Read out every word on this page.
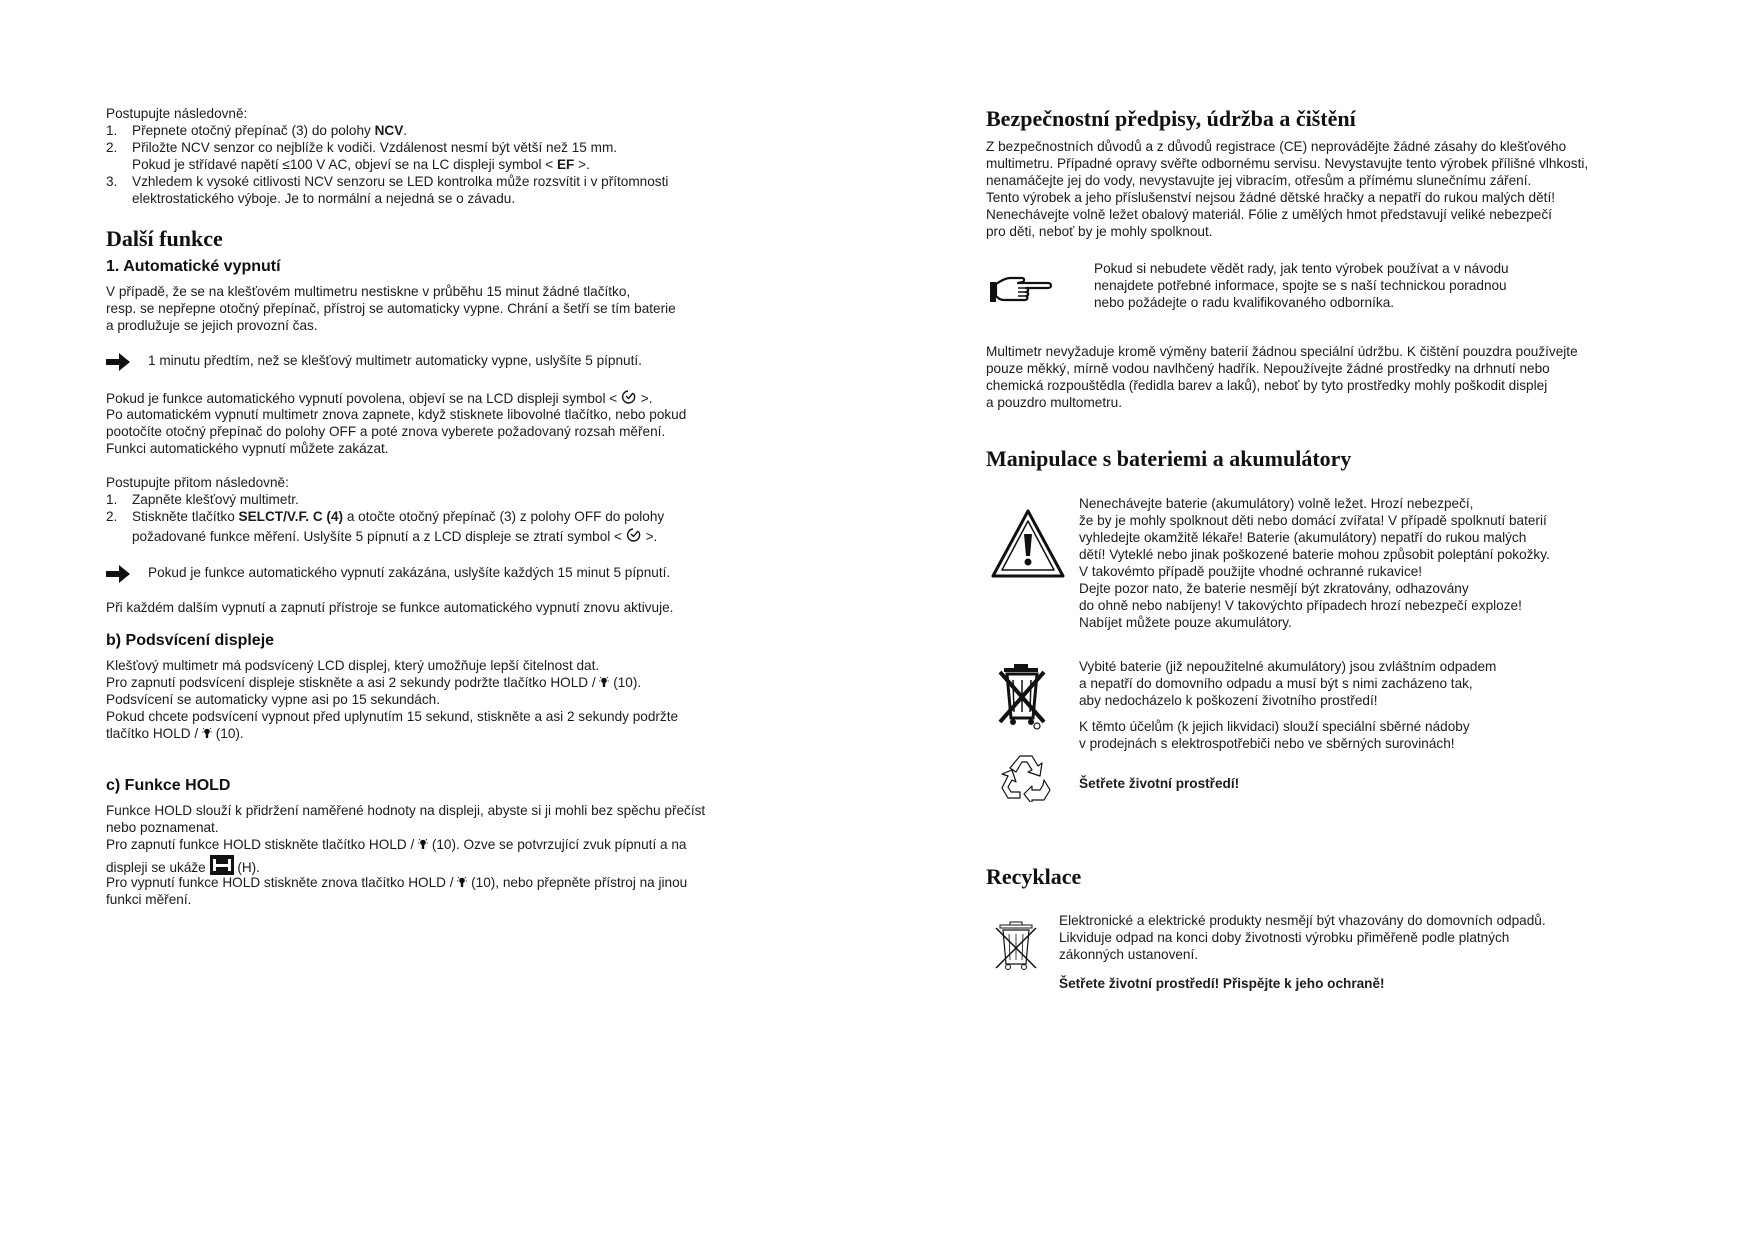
Postupujte následovně:
1. Přepnete otočný přepínač (3) do polohy NCV.
2. Přiložte NCV senzor co nejblíže k vodiči. Vzdálenost nesmí být větší než 15 mm.
Pokud je střídavé napětí ≤100 V AC, objeví se na LC displeji symbol < EF >.
3. Vzhledem k vysoké citlivosti NCV senzoru se LED kontrolka může rozsvítit i v přítomnosti
elektrostatického výboje. Je to normální a nejedná se o závadu.
Další funkce
1. Automatické vypnutí
V případě, že se na klešťovém multimetru nestiskne v průběhu 15 minut žádné tlačítko,
resp. se nepřepne otočný přepínač, přístroj se automaticky vypne. Chrání a šetří se tím baterie
a prodlužuje se jejich provozní čas.
1 minutu předtím, než se klešťový multimetr automaticky vypne, uslyšíte 5 pípnutí.
Pokud je funkce automatického vypnutí povolena, objeví se na LCD displeji symbol < >.
Po automatickém vypnutí multimetr znova zapnete, když stisknete libovolné tlačítko, nebo pokud
pootočíte otočný přepínač do polohy OFF a poté znova vyberete požadovaný rozsah měření.
Funkci automatického vypnutí můžete zakázat.
Postupujte přitom následovně:
1. Zapněte klešťový multimetr.
2. Stiskněte tlačítko SELCT/V.F. C (4) a otočte otočný přepínač (3) z polohy OFF do polohy
požadované funkce měření. Uslyšíte 5 pípnutí a z LCD displeje se ztratí symbol < >.
Pokud je funkce automatického vypnutí zakázána, uslyšíte každých 15 minut 5 pípnutí.
Při každém dalším vypnutí a zapnutí přístroje se funkce automatického vypnutí znovu aktivuje.
b) Podsvícení displeje
Klešťový multimetr má podsvícený LCD displej, který umožňuje lepší čitelnost dat.
Pro zapnutí podsvícení displeje stiskněte a asi 2 sekundy podržte tlačítko HOLD / (10).
Podsvícení se automaticky vypne asi po 15 sekundách.
Pokud chcete podsvícení vypnout před uplynutím 15 sekund, stiskněte a asi 2 sekundy podržte
tlačítko HOLD / (10).
c) Funkce HOLD
Funkce HOLD slouží k přidržení naměřené hodnoty na displeji, abyste si ji mohli bez spěchu přečíst
nebo poznamenat.
Pro zapnutí funkce HOLD stiskněte tlačítko HOLD / (10). Ozve se potvrzující zvuk pípnutí a na
displeji se ukáže (H).
Pro vypnutí funkce HOLD stiskněte znova tlačítko HOLD / (10), nebo přepněte přístroj na jinou
funkci měření.
Bezpečnostní předpisy, údržba a čištění
Z bezpečnostních důvodů a z důvodů registrace (CE) neprovádějte žádné zásahy do klešťového
multimetru. Případné opravy svěřte odbornému servisu. Nevystavujte tento výrobek přílišné vlhkosti,
nenamáčejte jej do vody, nevystavujte jej vibracím, otřesům a přímému slunečnímu záření.
Tento výrobek a jeho příslušenství nejsou žádné dětské hračky a nepatří do rukou malých dětí!
Nenechávejte volně ležet obalový materiál. Fólie z umělých hmot představují veliké nebezpečí
pro děti, neboť by je mohly spolknout.
Pokud si nebudete vědět rady, jak tento výrobek používat a v návodu
nenajdete potřebné informace, spojte se s naší technickou poradnou
nebo požádejte o radu kvalifikovaného odborníka.
Multimetr nevyžaduje kromě výměny baterií žádnou speciální údržbu. K čištění pouzdra používejte
pouze měkký, mírně vodou navlhčený hadřík. Nepoužívejte žádné prostředky na drhnutí nebo
chemická rozpouštědla (ředidla barev a laků), neboť by tyto prostředky mohly poškodit displej
a pouzdro multometru.
Manipulace s bateriemi a akumulátory
Nenechávejte baterie (akumulátory) volně ležet. Hrozí nebezpečí,
že by je mohly spolknout děti nebo domácí zvířata! V případě spolknutí baterií
vyhledejte okamžitě lékaře! Baterie (akumulátory) nepatří do rukou malých
dětí! Vyteklé nebo jinak poškozené baterie mohou způsobit poleptání pokožky.
V takovémto případě použijte vhodné ochranné rukavice!
Dejte pozor nato, že baterie nesmějí být zkratovány, odhazovány
do ohně nebo nabíjeny! V takovýchto případech hrozí nebezpečí exploze!
Nabíjet můžete pouze akumulátory.
Vybité baterie (již nepoužitelné akumulátory) jsou zvláštním odpadem
a nepatří do domovního odpadu a musí být s nimi zacházeno tak,
aby nedocházelo k poškození životního prostředí!
K těmto účelům (k jejich likvidaci) slouží speciální sběrné nádoby
v prodejnách s elektrospotřebiči nebo ve sběrných surovinách!
Šetřete životní prostředí!
Recyklace
Elektronické a elektrické produkty nesmějí být vhazovány do domovních odpadů.
Likviduje odpad na konci doby životnosti výrobku přiměřeně podle platných
zákonných ustanovení.
Šetřete životní prostředí! Přispějte k jeho ochraně!
